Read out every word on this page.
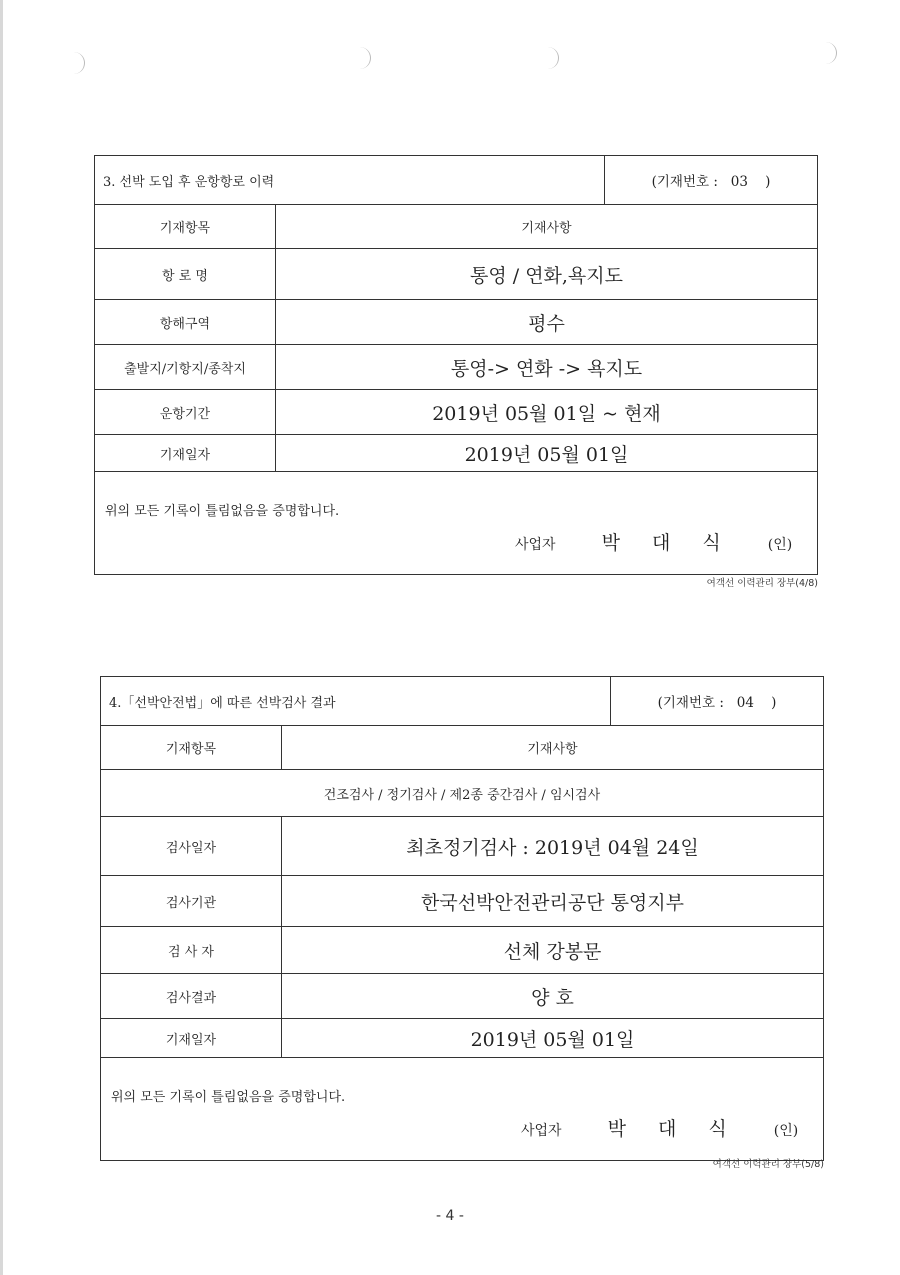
3. 선박 도입 후 운항항로 이력	(기재번호 :   03    )
기재항목	기재사항
항 로 명	통영 / 연화,욕지도
항해구역	평수
출발지/기항지/종착지	통영-> 연화 -> 욕지도
운항기간	2019년 05월 01일 ~ 현재
기재일자	2019년 05월 01일
위의 모든 기록이 틀림없음을 증명합니다.
사업자 박 대 식 (인)
여객선 이력관리 장부(4/8)
4.「선박안전법」에 따른 선박검사 결과	(기재번호 :   04    )
기재항목	기재사항
건조검사 / 정기검사 / 제2종 중간검사 / 임시검사
검사일자	최초정기검사 : 2019년 04월 24일
검사기관	한국선박안전관리공단 통영지부
검 사 자	선체 강봉문
검사결과	양 호
기재일자	2019년 05월 01일
위의 모든 기록이 틀림없음을 증명합니다.
사업자 박 대 식 (인)
여객선 이력관리 장부(5/8)
- 4 -
